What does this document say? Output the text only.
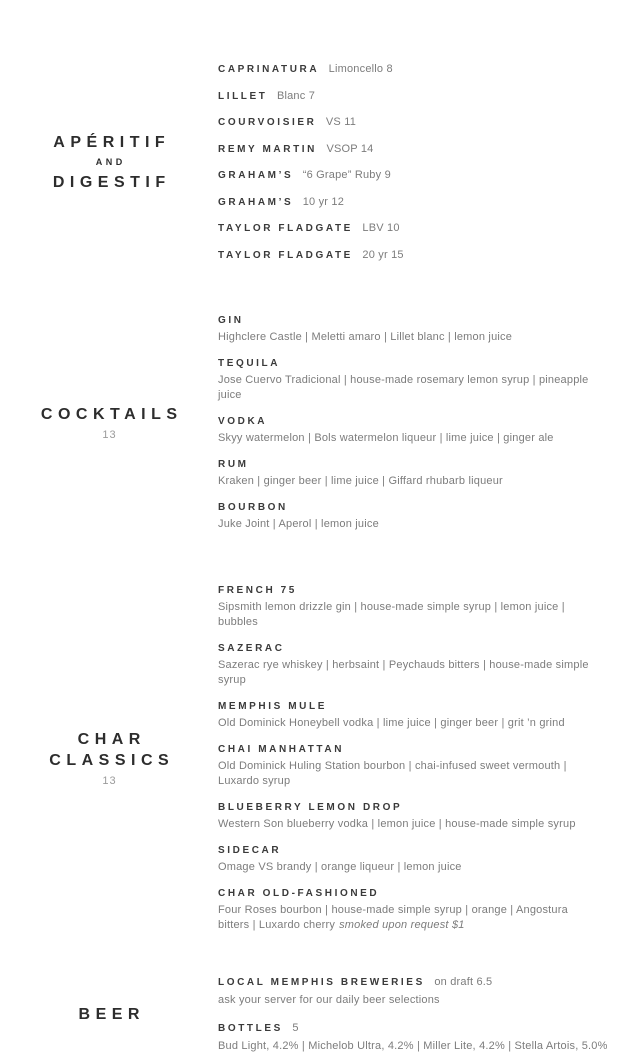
APÉRITIF
AND
DIGESTIF
CAPRINATURA Limoncello 8
LILLET Blanc 7
COURVOISIER VS 11
REMY MARTIN VSOP 14
GRAHAM’S “6 Grape” Ruby 9
GRAHAM’S 10 yr 12
TAYLOR FLADGATE LBV 10
TAYLOR FLADGATE 20 yr 15
COCKTAILS
13
GIN
Highclere Castle | Meletti amaro | Lillet blanc | lemon juice
TEQUILA
Jose Cuervo Tradicional | house-made rosemary lemon syrup | pineapple juice
VODKA
Skyy watermelon | Bols watermelon liqueur | lime juice | ginger ale
RUM
Kraken | ginger beer | lime juice | Giffard rhubarb liqueur
BOURBON
Juke Joint | Aperol | lemon juice
CHAR
CLASSICS
13
FRENCH 75
Sipsmith lemon drizzle gin | house-made simple syrup | lemon juice | bubbles
SAZERAC
Sazerac rye whiskey | herbsaint | Peychauds bitters | house-made simple syrup
MEMPHIS MULE
Old Dominick Honeybell vodka | lime juice | ginger beer | grit ’n grind
CHAI MANHATTAN
Old Dominick Huling Station bourbon | chai-infused sweet vermouth | Luxardo syrup
BLUEBERRY LEMON DROP
Western Son blueberry vodka | lemon juice | house-made simple syrup
SIDECAR
Omage VS brandy | orange liqueur | lemon juice
CHAR OLD-FASHIONED
Four Roses bourbon | house-made simple syrup | orange | Angostura bitters | Luxardo cherry smoked upon request $1
BEER
LOCAL MEMPHIS BREWERIES on draft 6.5
ask your server for our daily beer selections
BOTTLES 5
Bud Light, 4.2% | Michelob Ultra, 4.2% | Miller Lite, 4.2% | Stella Artois, 5.0%
